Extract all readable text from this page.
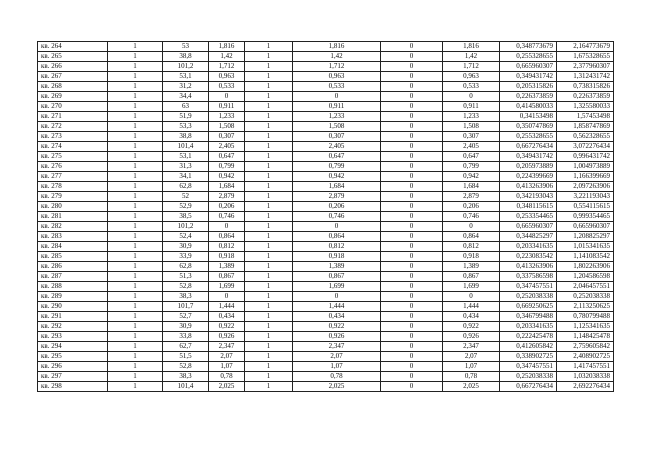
кв. 264	1	53	1,816	1	1,816	0	1,816	0,348773679	2,164773679
кв. 265	1	38,8	1,42	1	1,42	0	1,42	0,255328655	1,675328655
кв. 266	1	101,2	1,712	1	1,712	0	1,712	0,665960307	2,377960307
кв. 267	1	53,1	0,963	1	0,963	0	0,963	0,349431742	1,312431742
кв. 268	1	31,2	0,533	1	0,533	0	0,533	0,205315826	0,738315826
кв. 269	1	34,4	0	1	0	0	0	0,226373859	0,226373859
кв. 270	1	63	0,911	1	0,911	0	0,911	0,414580033	1,325580033
кв. 271	1	51,9	1,233	1	1,233	0	1,233	0,34153498	1,57453498
кв. 272	1	53,3	1,508	1	1,508	0	1,508	0,350747869	1,858747869
кв. 273	1	38,8	0,307	1	0,307	0	0,307	0,255328655	0,562328655
кв. 274	1	101,4	2,405	1	2,405	0	2,405	0,667276434	3,072276434
кв. 275	1	53,1	0,647	1	0,647	0	0,647	0,349431742	0,996431742
кв. 276	1	31,3	0,799	1	0,799	0	0,799	0,205973889	1,004973889
кв. 277	1	34,1	0,942	1	0,942	0	0,942	0,224399669	1,166399669
кв. 278	1	62,8	1,684	1	1,684	0	1,684	0,413263906	2,097263906
кв. 279	1	52	2,879	1	2,879	0	2,879	0,342193043	3,221193043
кв. 280	1	52,9	0,206	1	0,206	0	0,206	0,348115615	0,554115615
кв. 281	1	38,5	0,746	1	0,746	0	0,746	0,253354465	0,999354465
кв. 282	1	101,2	0	1	0	0	0	0,665960307	0,665960307
кв. 283	1	52,4	0,864	1	0,864	0	0,864	0,344825297	1,208825297
кв. 284	1	30,9	0,812	1	0,812	0	0,812	0,203341635	1,015341635
кв. 285	1	33,9	0,918	1	0,918	0	0,918	0,223083542	1,141083542
кв. 286	1	62,8	1,389	1	1,389	0	1,389	0,413263906	1,802263906
кв. 287	1	51,3	0,867	1	0,867	0	0,867	0,337586598	1,204586598
кв. 288	1	52,8	1,699	1	1,699	0	1,699	0,347457551	2,046457551
кв. 289	1	38,3	0	1	0	0	0	0,252038338	0,252038338
кв. 290	1	101,7	1,444	1	1,444	0	1,444	0,669250625	2,113250625
кв. 291	1	52,7	0,434	1	0,434	0	0,434	0,346799488	0,780799488
кв. 292	1	30,9	0,922	1	0,922	0	0,922	0,203341635	1,125341635
кв. 293	1	33,8	0,926	1	0,926	0	0,926	0,222425478	1,148425478
кв. 294	1	62,7	2,347	1	2,347	0	2,347	0,412605842	2,759605842
кв. 295	1	51,5	2,07	1	2,07	0	2,07	0,338902725	2,408902725
кв. 296	1	52,8	1,07	1	1,07	0	1,07	0,347457551	1,417457551
кв. 297	1	38,3	0,78	1	0,78	0	0,78	0,252038338	1,032038338
кв. 298	1	101,4	2,025	1	2,025	0	2,025	0,667276434	2,692276434
